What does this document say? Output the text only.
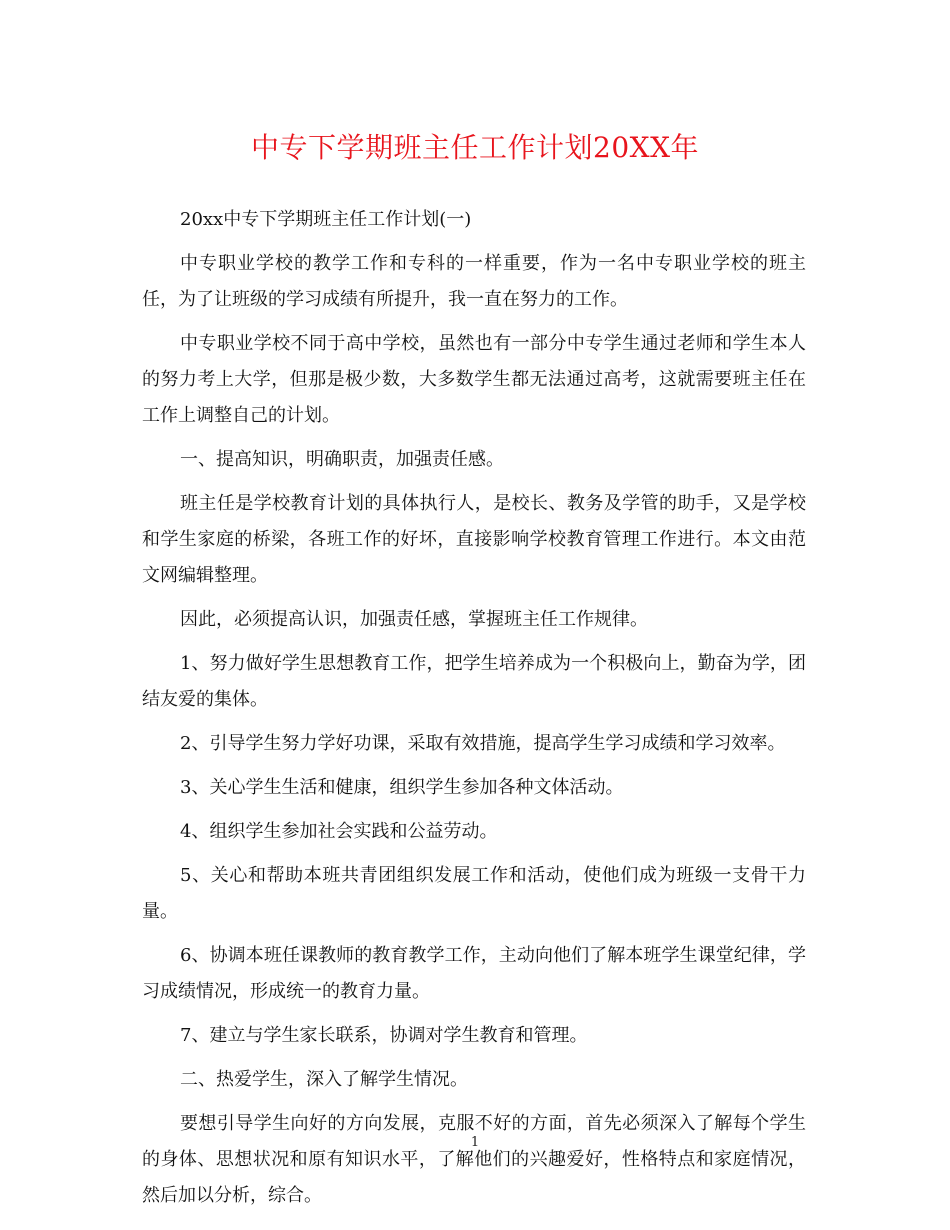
中专下学期班主任工作计划20XX年

20xx中专下学期班主任工作计划(一)

中专职业学校的教学工作和专科的一样重要，作为一名中专职业学校的班主任，为了让班级的学习成绩有所提升，我一直在努力的工作。

中专职业学校不同于高中学校，虽然也有一部分中专学生通过老师和学生本人的努力考上大学，但那是极少数，大多数学生都无法通过高考，这就需要班主任在工作上调整自己的计划。

一、提高知识，明确职责，加强责任感。

班主任是学校教育计划的具体执行人，是校长、教务及学管的助手，又是学校和学生家庭的桥梁，各班工作的好坏，直接影响学校教育管理工作进行。本文由范文网编辑整理。

因此，必须提高认识，加强责任感，掌握班主任工作规律。

1、努力做好学生思想教育工作，把学生培养成为一个积极向上，勤奋为学，团结友爱的集体。

2、引导学生努力学好功课，采取有效措施，提高学生学习成绩和学习效率。

3、关心学生生活和健康，组织学生参加各种文体活动。

4、组织学生参加社会实践和公益劳动。

5、关心和帮助本班共青团组织发展工作和活动，使他们成为班级一支骨干力量。

6、协调本班任课教师的教育教学工作，主动向他们了解本班学生课堂纪律，学习成绩情况，形成统一的教育力量。

7、建立与学生家长联系，协调对学生教育和管理。

二、热爱学生，深入了解学生情况。

要想引导学生向好的方向发展，克服不好的方面，首先必须深入了解每个学生的身体、思想状况和原有知识水平，了解他们的兴趣爱好，性格特点和家庭情况，然后加以分析，综合。

1
